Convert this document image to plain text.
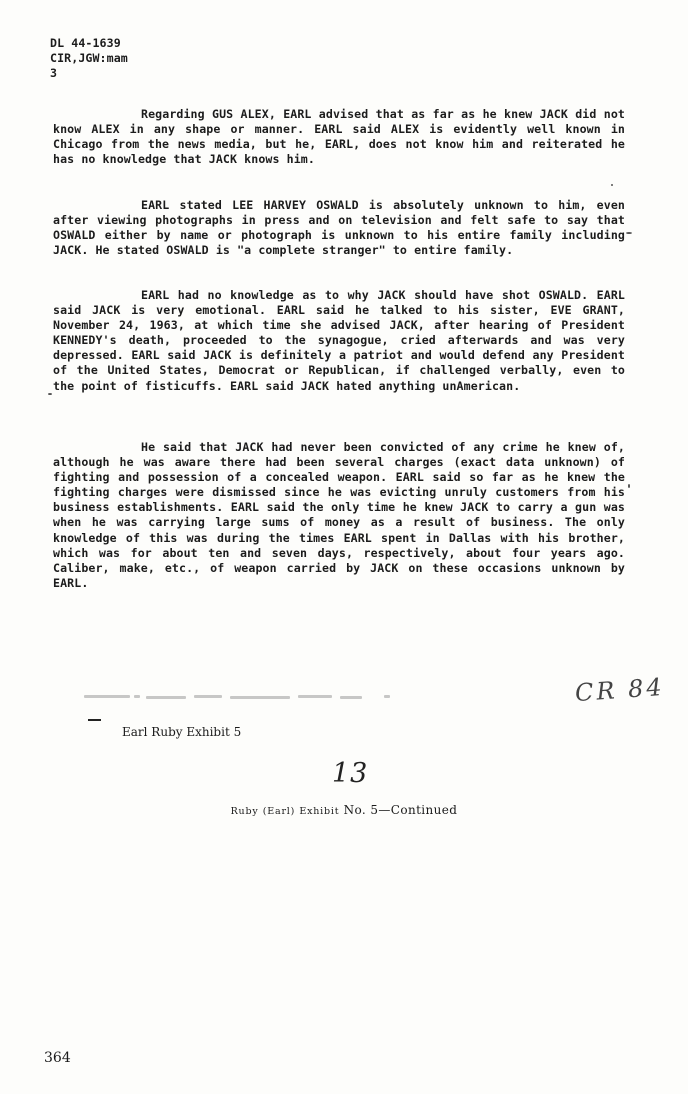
DL 44-1639
CIR,JGW:mam
3

Regarding GUS ALEX, EARL advised that as far as he knew JACK did not know ALEX in any shape or manner. EARL said ALEX is evidently well known in Chicago from the news media, but he, EARL, does not know him and reiterated he has no knowledge that JACK knows him.

EARL stated LEE HARVEY OSWALD is absolutely unknown to him, even after viewing photographs in press and on television and felt safe to say that OSWALD either by name or photograph is unknown to his entire family including JACK. He stated OSWALD is "a complete stranger" to entire family.

EARL had no knowledge as to why JACK should have shot OSWALD. EARL said JACK is very emotional. EARL said he talked to his sister, EVE GRANT, November 24, 1963, at which time she advised JACK, after hearing of President KENNEDY's death, proceeded to the synagogue, cried afterwards and was very depressed. EARL said JACK is definitely a patriot and would defend any President of the United States, Democrat or Republican, if challenged verbally, even to the point of fisticuffs. EARL said JACK hated anything unAmerican.

He said that JACK had never been convicted of any crime he knew of, although he was aware there had been several charges (exact data unknown) of fighting and possession of a concealed weapon. EARL said so far as he knew the fighting charges were dismissed since he was evicting unruly customers from his business establishments. EARL said the only time he knew JACK to carry a gun was when he was carrying large sums of money as a result of business. The only knowledge of this was during the times EARL spent in Dallas with his brother, which was for about ten and seven days, respectively, about four years ago. Caliber, make, etc., of weapon carried by JACK on these occasions unknown by EARL.

CR 84
Earl Ruby Exhibit 5
13
Ruby (Earl) Exhibit No. 5—Continued
364
